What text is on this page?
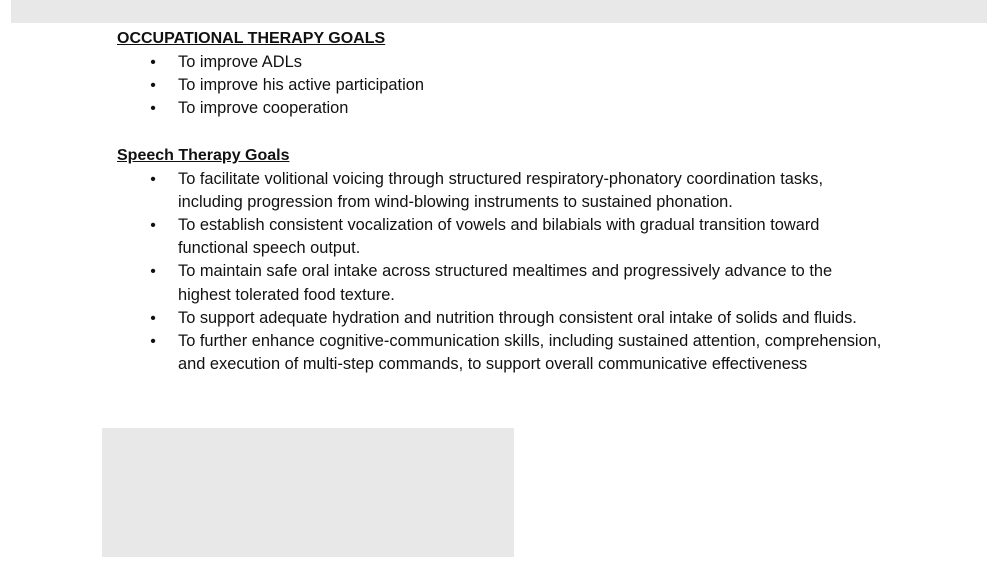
OCCUPATIONAL THERAPY GOALS

• To improve ADLs
• To improve his active participation
• To improve cooperation

Speech Therapy Goals

• To facilitate volitional voicing through structured respiratory-phonatory coordination tasks, including progression from wind-blowing instruments to sustained phonation.
• To establish consistent vocalization of vowels and bilabials with gradual transition toward functional speech output.
• To maintain safe oral intake across structured mealtimes and progressively advance to the highest tolerated food texture.
• To support adequate hydration and nutrition through consistent oral intake of solids and fluids.
• To further enhance cognitive-communication skills, including sustained attention, comprehension, and execution of multi-step commands, to support overall communicative effectiveness
